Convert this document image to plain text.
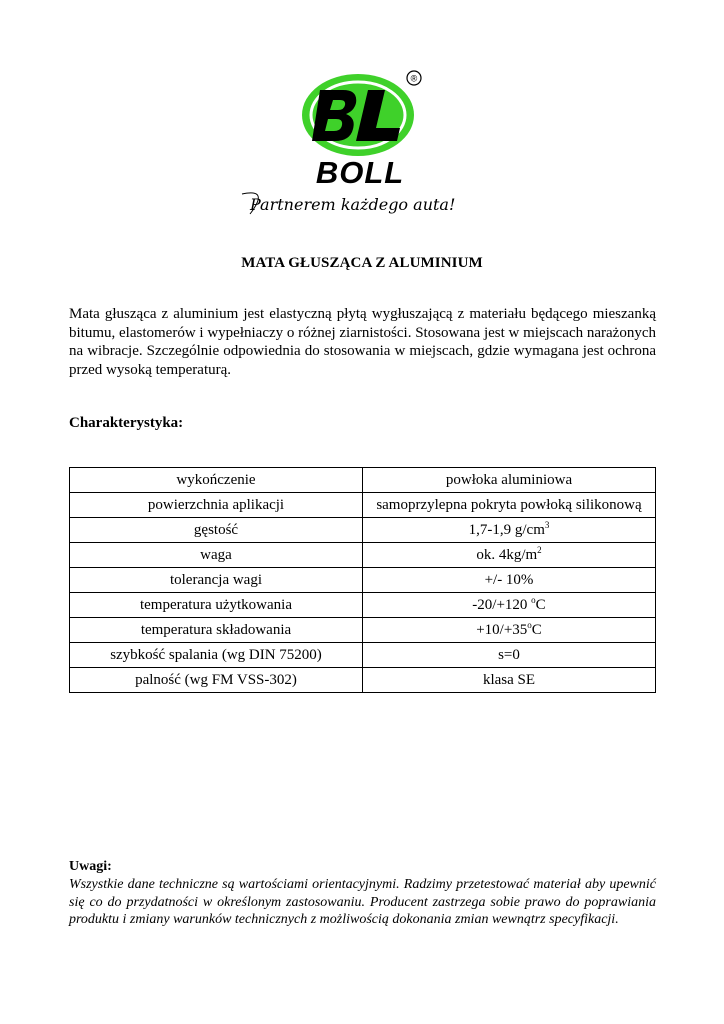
®
BOLL
Partnerem każdego auta!
MATA GŁUSZĄCA Z ALUMINIUM

Mata głusząca z aluminium jest elastyczną płytą wygłuszającą z materiału będącego mieszanką bitumu, elastomerów i wypełniaczy o różnej ziarnistości. Stosowana jest w miejscach narażonych na wibracje. Szczególnie odpowiednia do stosowania w miejscach, gdzie wymagana jest ochrona przed wysoką temperaturą.

Charakterystyka:
wykończenie	powłoka aluminiowa
powierzchnia aplikacji	samoprzylepna pokryta powłoką silikonową
gęstość	1,7-1,9 $g/cm^3$
waga	ok. $4kg/m^2$
tolerancja wagi	+/- 10%
temperatura użytkowania	-20/+120 $^o$C
temperatura składowania	$+10/+35^oC$
szybkość spalania (wg DIN 75200)	s=0
palność (wg FM VSS-302)	klasa SE
Uwagi:

Wszystkie dane techniczne są wartościami orientacyjnymi. Radzimy przetestować materiał aby upewnić się co do przydatności w określonym zastosowaniu. Producent zastrzega sobie prawo do poprawiania produktu i zmiany warunków technicznych z możliwością dokonania zmian wewnątrz specyfikacji.
